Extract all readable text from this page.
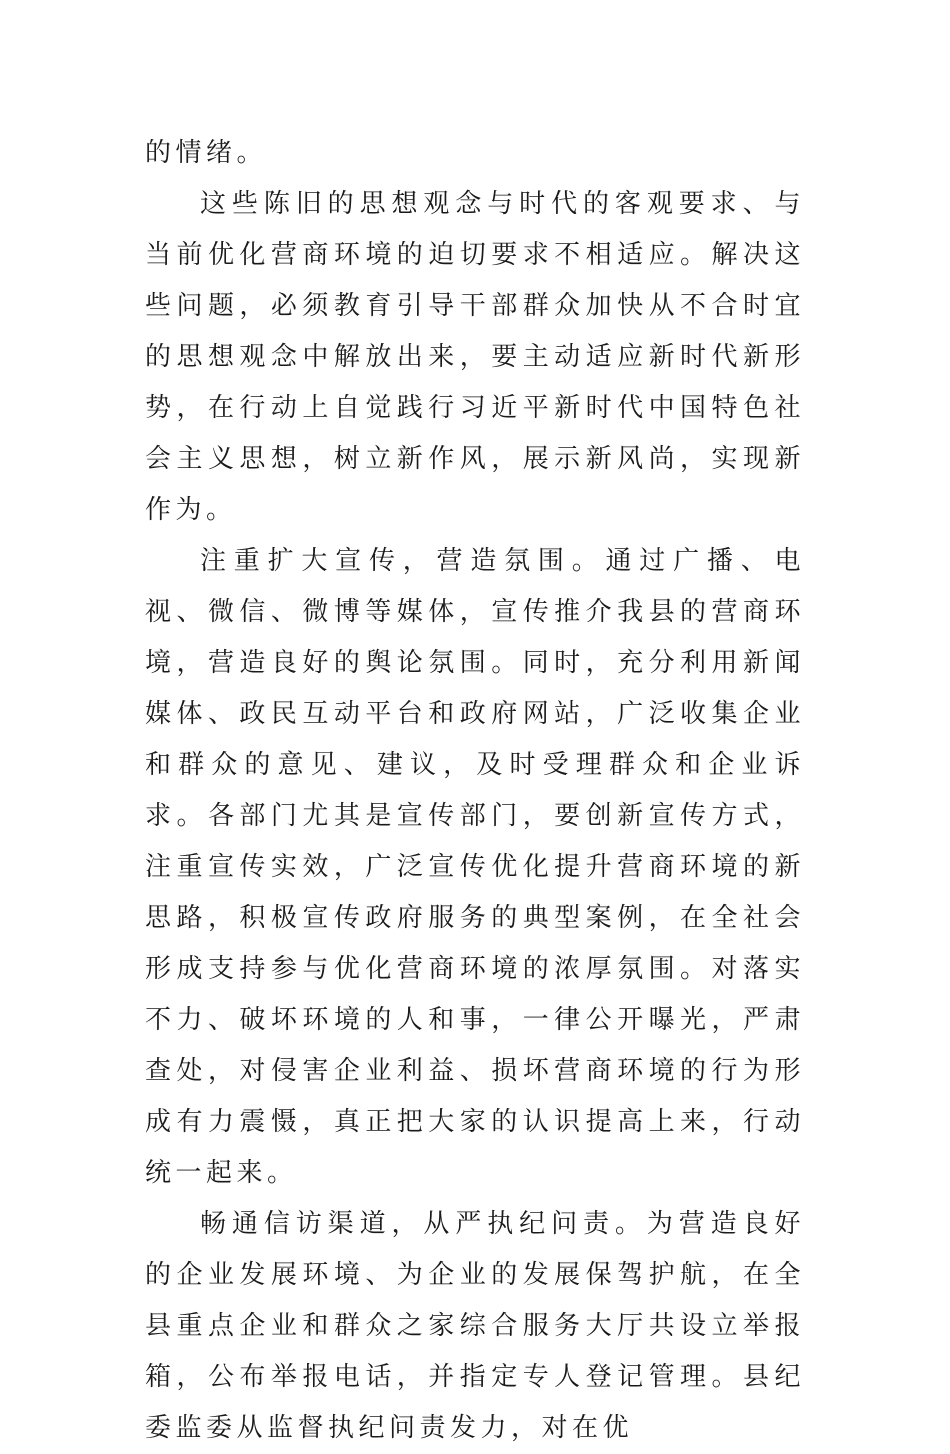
的情绪。

这些陈旧的思想观念与时代的客观要求、与当前优化营商环境的迫切要求不相适应。解决这些问题，必须教育引导干部群众加快从不合时宜的思想观念中解放出来，要主动适应新时代新形势，在行动上自觉践行习近平新时代中国特色社会主义思想，树立新作风，展示新风尚，实现新作为。

注重扩大宣传，营造氛围。通过广播、电视、微信、微博等媒体，宣传推介我县的营商环境，营造良好的舆论氛围。同时，充分利用新闻媒体、政民互动平台和政府网站，广泛收集企业和群众的意见、建议，及时受理群众和企业诉求。各部门尤其是宣传部门，要创新宣传方式，注重宣传实效，广泛宣传优化提升营商环境的新思路，积极宣传政府服务的典型案例，在全社会形成支持参与优化营商环境的浓厚氛围。对落实不力、破坏环境的人和事，一律公开曝光，严肃查处，对侵害企业利益、损坏营商环境的行为形成有力震慑，真正把大家的认识提高上来，行动统一起来。

畅通信访渠道，从严执纪问责。为营造良好的企业发展环境、为企业的发展保驾护航，在全县重点企业和群众之家综合服务大厅共设立举报箱，公布举报电话，并指定专人登记管理。县纪委监委从监督执纪问责发力，对在优
